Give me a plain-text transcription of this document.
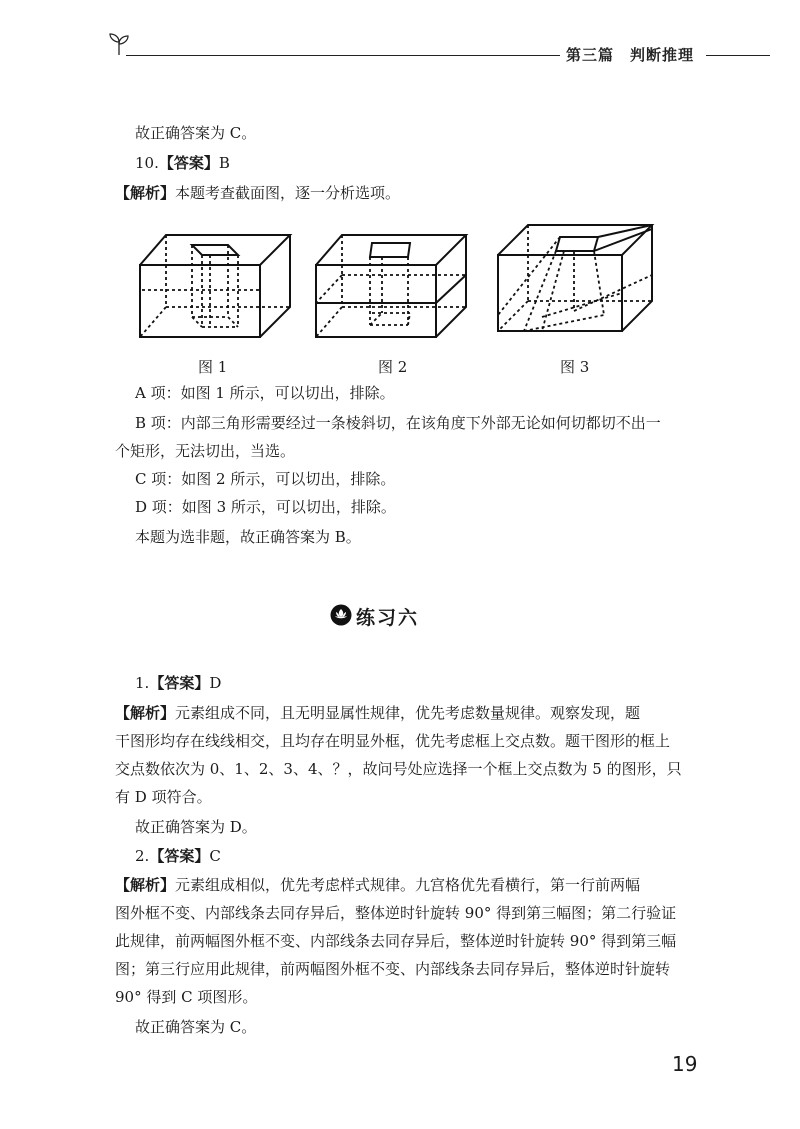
第三篇　判断推理
故正确答案为 C。
10.【答案】B
【解析】本题考查截面图，逐一分析选项。
图 1	图 2	图 3
A 项：如图 1 所示，可以切出，排除。
B 项：内部三角形需要经过一条棱斜切，在该角度下外部无论如何切都切不出一
个矩形，无法切出，当选。
C 项：如图 2 所示，可以切出，排除。
D 项：如图 3 所示，可以切出，排除。
本题为选非题，故正确答案为 B。
练习六
1.【答案】D
【解析】元素组成不同，且无明显属性规律，优先考虑数量规律。观察发现，题
干图形均存在线线相交，且均存在明显外框，优先考虑框上交点数。题干图形的框上
交点数依次为 0、1、2、3、4、？，故问号处应选择一个框上交点数为 5 的图形，只
有 D 项符合。
故正确答案为 D。
2.【答案】C
【解析】元素组成相似，优先考虑样式规律。九宫格优先看横行，第一行前两幅
图外框不变、内部线条去同存异后，整体逆时针旋转 90° 得到第三幅图；第二行验证
此规律，前两幅图外框不变、内部线条去同存异后，整体逆时针旋转 90° 得到第三幅
图；第三行应用此规律，前两幅图外框不变、内部线条去同存异后，整体逆时针旋转
90° 得到 C 项图形。
故正确答案为 C。
19
